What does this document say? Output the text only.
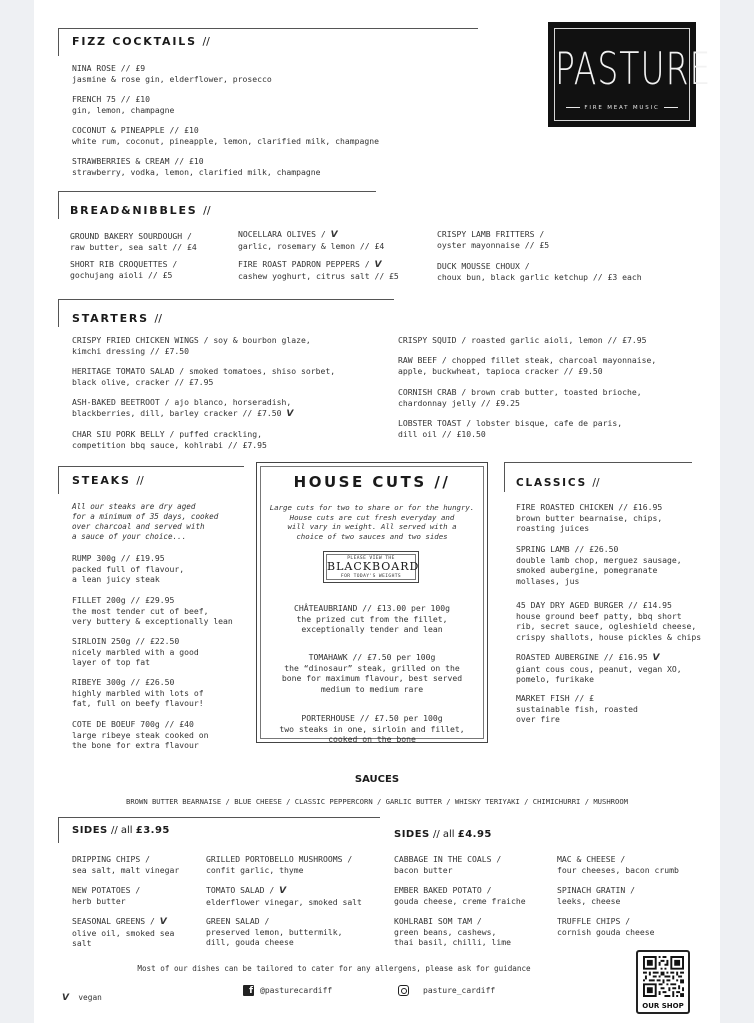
PASTURE
FIRE MEAT MUSIC
FIZZ COCKTAILS //
NINA ROSE // £9
jasmine & rose gin, elderflower, prosecco
FRENCH 75 // £10
gin, lemon, champagne
COCONUT & PINEAPPLE // £10
white rum, coconut, pineapple, lemon, clarified milk, champagne
STRAWBERRIES & CREAM // £10
strawberry, vodka, lemon, clarified milk, champagne
BREAD&NIBBLES //
GROUND BAKERY SOURDOUGH /
raw butter, sea salt // £4
SHORT RIB CROQUETTES /
gochujang aioli // £5
NOCELLARA OLIVES / V
garlic, rosemary & lemon // £4
FIRE ROAST PADRON PEPPERS / V
cashew yoghurt, citrus salt // £5
CRISPY LAMB FRITTERS /
oyster mayonnaise // £5
DUCK MOUSSE CHOUX /
choux bun, black garlic ketchup // £3 each
STARTERS //
CRISPY FRIED CHICKEN WINGS / soy & bourbon glaze,
kimchi dressing // £7.50
HERITAGE TOMATO SALAD / smoked tomatoes, shiso sorbet,
black olive, cracker // £7.95
ASH-BAKED BEETROOT / ajo blanco, horseradish,
blackberries, dill, barley cracker // £7.50 V
CHAR SIU PORK BELLY / puffed crackling,
competition bbq sauce, kohlrabi // £7.95
CRISPY SQUID / roasted garlic aioli, lemon // £7.95
RAW BEEF / chopped fillet steak, charcoal mayonnaise,
apple, buckwheat, tapioca cracker // £9.50
CORNISH CRAB / brown crab butter, toasted brioche,
chardonnay jelly // £9.25
LOBSTER TOAST / lobster bisque, cafe de paris,
dill oil // £10.50
STEAKS //
All our steaks are dry aged
for a minimum of 35 days, cooked
over charcoal and served with
a sauce of your choice...
RUMP 300g // £19.95
packed full of flavour,
a lean juicy steak
FILLET 200g // £29.95
the most tender cut of beef,
very buttery & exceptionally lean
SIRLOIN 250g // £22.50
nicely marbled with a good
layer of top fat
RIBEYE 300g // £26.50
highly marbled with lots of
fat, full on beefy flavour!
COTE DE BOEUF 700g // £40
large ribeye steak cooked on
the bone for extra flavour
HOUSE CUTS //
Large cuts for two to share or for the hungry.
House cuts are cut fresh everyday and
will vary in weight. All served with a
choice of two sauces and two sides
PLEASE VIEW THE
BLACKBOARD
FOR TODAY'S WEIGHTS
CHÂTEAUBRIAND // £13.00 per 100g
the prized cut from the fillet,
exceptionally tender and lean
TOMAHAWK // £7.50 per 100g
the “dinosaur” steak, grilled on the
bone for maximum flavour, best served
medium to medium rare
PORTERHOUSE // £7.50 per 100g
two steaks in one, sirloin and fillet,
cooked on the bone
CLASSICS //
FIRE ROASTED CHICKEN // £16.95
brown butter bearnaise, chips,
roasting juices
SPRING LAMB // £26.50
double lamb chop, merguez sausage,
smoked aubergine, pomegranate
mollases, jus
45 DAY DRY AGED BURGER // £14.95
house ground beef patty, bbq short
rib, secret sauce, ogleshield cheese,
crispy shallots, house pickles & chips
ROASTED AUBERGINE // £16.95 V
giant cous cous, peanut, vegan XO,
pomelo, furikake
MARKET FISH // £
sustainable fish, roasted
over fire
SAUCES
BROWN BUTTER BEARNAISE / BLUE CHEESE / CLASSIC PEPPERCORN / GARLIC BUTTER / WHISKY TERIYAKI / CHIMICHURRI / MUSHROOM
SIDES // all £3.95
DRIPPING CHIPS /
sea salt, malt vinegar
NEW POTATOES /
herb butter
SEASONAL GREENS / V
olive oil, smoked sea
salt
GRILLED PORTOBELLO MUSHROOMS /
confit garlic, thyme
TOMATO SALAD / V
elderflower vinegar, smoked salt
GREEN SALAD /
preserved lemon, buttermilk,
dill, gouda cheese
SIDES // all £4.95
CABBAGE IN THE COALS /
bacon butter
EMBER BAKED POTATO /
gouda cheese, creme fraiche
KOHLRABI SOM TAM /
green beans, cashews,
thai basil, chilli, lime
MAC & CHEESE /
four cheeses, bacon crumb
SPINACH GRATIN /
leeks, cheese
TRUFFLE CHIPS /
cornish gouda cheese
Most of our dishes can be tailored to cater for any allergens, please ask for guidance
f @pasturecardiff	pasture_cardiff
V vegan
OUR SHOP
